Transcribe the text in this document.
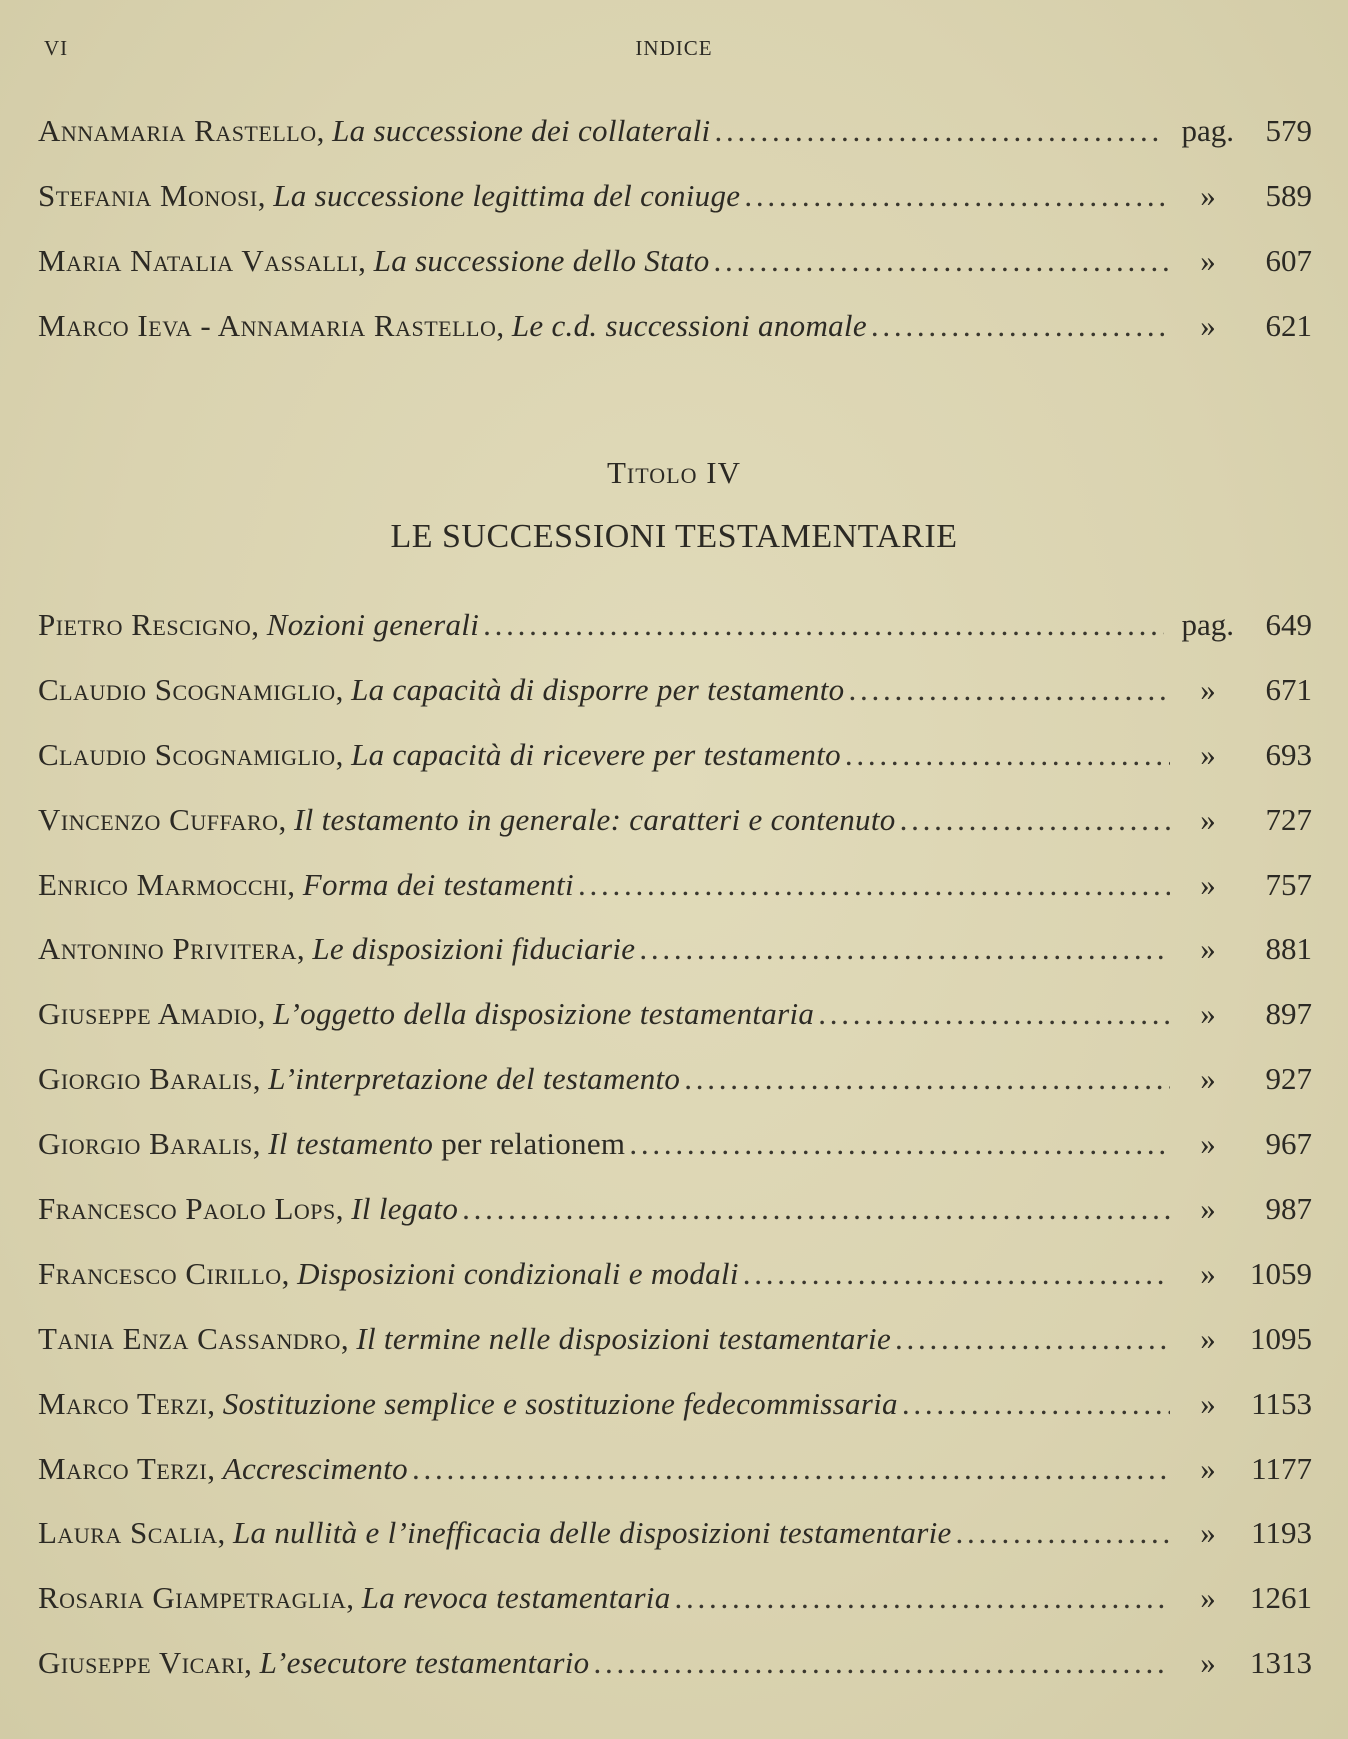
VI	INDICE
Annamaria Rastello , La successione dei collaterali . . .	pag.	579
Stefania Monosi , La successione legittima del coniuge . . .	»	589
Maria Natalia Vassalli , La successione dello Stato . . .	»	607
Marco Ieva - Annamaria Rastello , Le c.d. successioni anomale . . .	»	621
Titolo IV
LE SUCCESSIONI TESTAMENTARIE
Pietro Rescigno , Nozioni generali . . .	pag.	649
Claudio Scognamiglio , La capacità di disporre per testamento . . .	»	671
Claudio Scognamiglio , La capacità di ricevere per testamento . . .	»	693
Vincenzo Cuffaro , Il testamento in generale: caratteri e contenuto . . .	»	727
Enrico Marmocchi , Forma dei testamenti . . .	»	757
Antonino Privitera , Le disposizioni fiduciarie . . .	»	881
Giuseppe Amadio , L’oggetto della disposizione testamentaria . . .	»	897
Giorgio Baralis , L’interpretazione del testamento . . .	»	927
Giorgio Baralis , Il testamento per relationem . . .	»	967
Francesco Paolo Lops , Il legato . . .	»	987
Francesco Cirillo , Disposizioni condizionali e modali . . .	»	1059
Tania Enza Cassandro , Il termine nelle disposizioni testamentarie . . .	»	1095
Marco Terzi , Sostituzione semplice e sostituzione fedecommissaria . . .	»	1153
Marco Terzi , Accrescimento . . .	»	1177
Laura Scalia , La nullità e l’inefficacia delle disposizioni testamentarie . . .	»	1193
Rosaria Giampetraglia , La revoca testamentaria . . .	»	1261
Giuseppe Vicari , L’esecutore testamentario . . .	»	1313
